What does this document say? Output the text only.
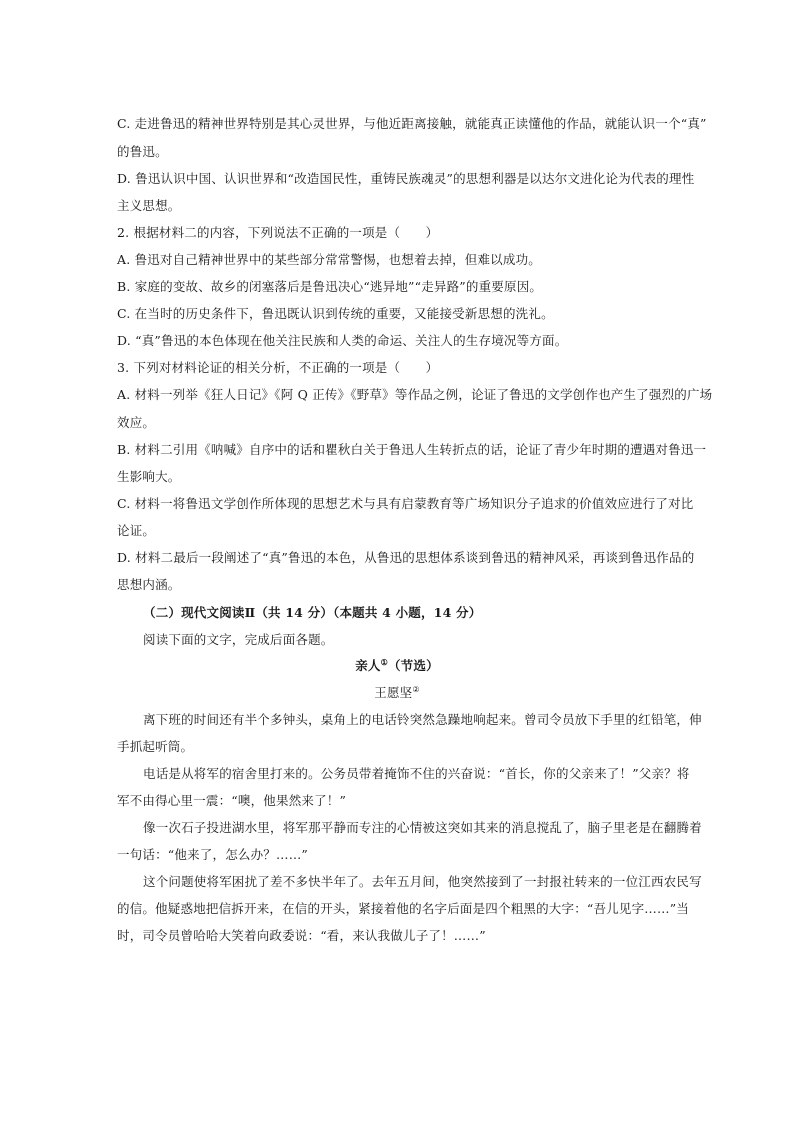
C. 走进鲁迅的精神世界特别是其心灵世界，与他近距离接触，就能真正读懂他的作品，就能认识一个“真”
的鲁迅。
D. 鲁迅认识中国、认识世界和“改造国民性，重铸民族魂灵”的思想利器是以达尔文进化论为代表的理性
主义思想。
2. 根据材料二的内容，下列说法不正确的一项是（　　）
A. 鲁迅对自己精神世界中的某些部分常常警惕，也想着去掉，但难以成功。
B. 家庭的变故、故乡的闭塞落后是鲁迅决心“逃异地”“走异路”的重要原因。
C. 在当时的历史条件下，鲁迅既认识到传统的重要，又能接受新思想的洗礼。
D. “真”鲁迅的本色体现在他关注民族和人类的命运、关注人的生存境况等方面。
3. 下列对材料论证的相关分析，不正确的一项是（　　）
A. 材料一列举《狂人日记》《阿 Q 正传》《野草》等作品之例，论证了鲁迅的文学创作也产生了强烈的广场
效应。
B. 材料二引用《呐喊》自序中的话和瞿秋白关于鲁迅人生转折点的话，论证了青少年时期的遭遇对鲁迅一
生影响大。
C. 材料一将鲁迅文学创作所体现的思想艺术与具有启蒙教育等广场知识分子追求的价值效应进行了对比
论证。
D. 材料二最后一段阐述了“真”鲁迅的本色，从鲁迅的思想体系谈到鲁迅的精神风采，再谈到鲁迅作品的
思想内涵。
（二）现代文阅读Ⅱ（共 14 分）（本题共 4 小题，14 分）
阅读下面的文字，完成后面各题。
亲人①（节选）
王愿坚②
离下班的时间还有半个多钟头，桌角上的电话铃突然急躁地响起来。曾司令员放下手里的红铅笔，伸
手抓起听筒。
电话是从将军的宿舍里打来的。公务员带着掩饰不住的兴奋说：“首长，你的父亲来了！”父亲？将
军不由得心里一震：“噢，他果然来了！”
像一次石子投进湖水里，将军那平静而专注的心情被这突如其来的消息搅乱了，脑子里老是在翻腾着
一句话：“他来了，怎么办？……”
这个问题使将军困扰了差不多快半年了。去年五月间，他突然接到了一封报社转来的一位江西农民写
的信。他疑惑地把信拆开来，在信的开头，紧接着他的名字后面是四个粗黑的大字：“吾儿见字……”当
时，司令员曾哈哈大笑着向政委说：“看，来认我做儿子了！……”
